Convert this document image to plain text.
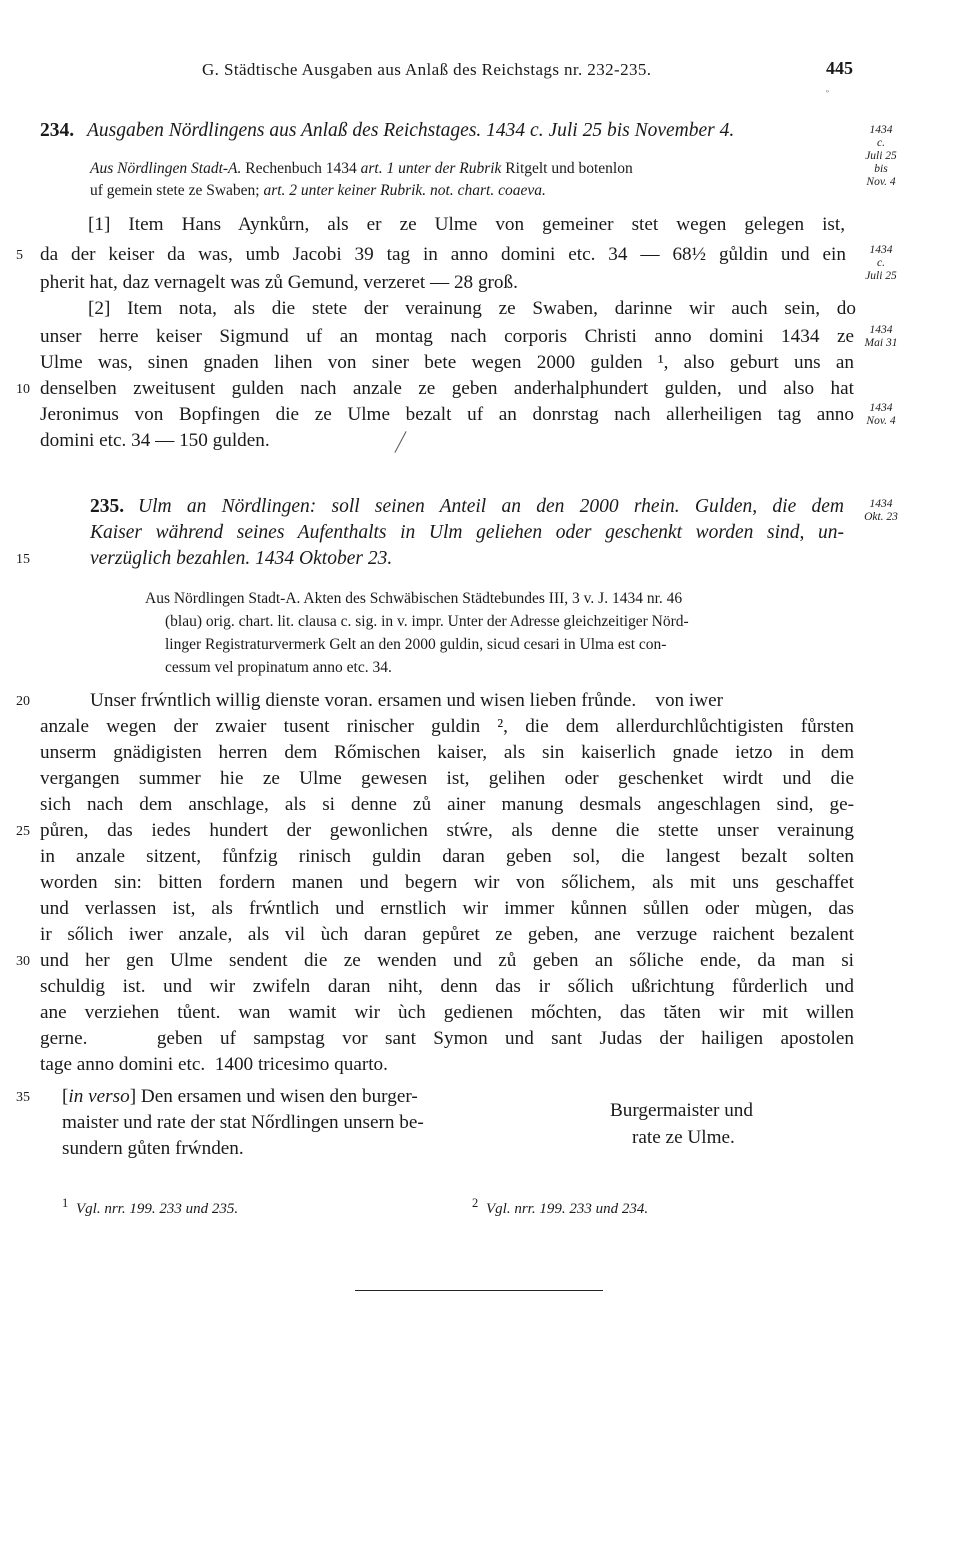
G. Städtische Ausgaben aus Anlaß des Reichstags nr. 232-235.	445
º
234. Ausgaben Nördlingens aus Anlaß des Reichstages. 1434 c. Juli 25 bis November 4.	1434
c.
Juli 25
bis
Nov. 4
Aus Nördlingen Stadt-A. Rechenbuch 1434 art. 1 unter der Rubrik Ritgelt und botenlon
uf gemein stete ze Swaben; art. 2 unter keiner Rubrik. not. chart. coaeva.
[1] Item Hans Aynkůrn, als er ze Ulme von gemeiner stet wegen gelegen ist,
da der keiser da was, umb Jacobi 39 tag in anno domini etc. 34 — 68½ gůldin und ein
pherit hat, daz vernagelt was zů Gemund, verzeret — 28 groß.
[2] Item nota, als die stete der verainung ze Swaben, darinne wir auch sein, do
unser herre keiser Sigmund uf an montag nach corporis Christi anno domini 1434 ze
Ulme was, sinen gnaden lihen von siner bete wegen 2000 gulden ¹, also geburt uns an
denselben zweitusent gulden nach anzale ze geben anderhalphundert gulden, und also hat
Jeronimus von Bopfingen die ze Ulme bezalt uf an donrstag nach allerheiligen tag anno
domini etc. 34 — 150 gulden.
1434
c.
Juli 25
1434
Mai 31
1434
Nov. 4
235. Ulm an Nördlingen: soll seinen Anteil an den 2000 rhein. Gulden, die dem
Kaiser während seines Aufenthalts in Ulm geliehen oder geschenkt worden sind, un-
verzüglich bezahlen. 1434 Oktober 23.
1434
Okt. 23
Aus Nördlingen Stadt-A. Akten des Schwäbischen Städtebundes III, 3 v. J. 1434 nr. 46
(blau) orig. chart. lit. clausa c. sig. in v. impr. Unter der Adresse gleichzeitiger Nörd-
linger Registraturvermerk Gelt an den 2000 guldin, sicud cesari in Ulma est con-
cessum vel propinatum anno etc. 34.
Unser frẃntlich willig dienste voran. ersamen und wisen lieben frůnde.    von iwer
anzale wegen der zwaier tusent rinischer guldin ², die dem allerdurchlůchtigisten fůrsten
unserm gnädigisten herren dem Rőmischen kaiser, als sin kaiserlich gnade ietzo in dem
vergangen summer hie ze Ulme gewesen ist, gelihen oder geschenket wirdt und die
sich nach dem anschlage, als si denne zů ainer manung desmals angeschlagen sind, ge-
půren, das iedes hundert der gewonlichen stẃre, als denne die stette unser verainung
in anzale sitzent, fůnfzig rinisch guldin daran geben sol, die langest bezalt solten
worden sin: bitten fordern manen und begern wir von sőlichem, als mit uns geschaffet
und verlassen ist, als frẃntlich und ernstlich wir immer kůnnen sůllen oder mùgen, das
ir sőlich iwer anzale, als vil ùch daran gepůret ze geben, ane verzuge raichent bezalent
und her gen Ulme sendent die ze wenden und zů geben an sőliche ende, da man si
schuldig ist. und wir zwifeln daran niht, denn das ir sőlich ußrichtung fůrderlich und
ane verziehen tůent. wan wamit wir ùch gedienen mőchten, das tăten wir mit willen
gerne.    geben uf sampstag vor sant Symon und sant Judas der hailigen apostolen
tage anno domini etc.  1400 tricesimo quarto.
[in verso] Den ersamen und wisen den burger-
maister und rate der stat Nőrdlingen unsern be-
sundern gůten frẃnden.
Burgermaister und
rate ze Ulme.
5
10
15
20
25
30
35
$^1$ Vgl. nrr. 199. 233 und 235.	$^2$ Vgl. nrr. 199. 233 und 234.
